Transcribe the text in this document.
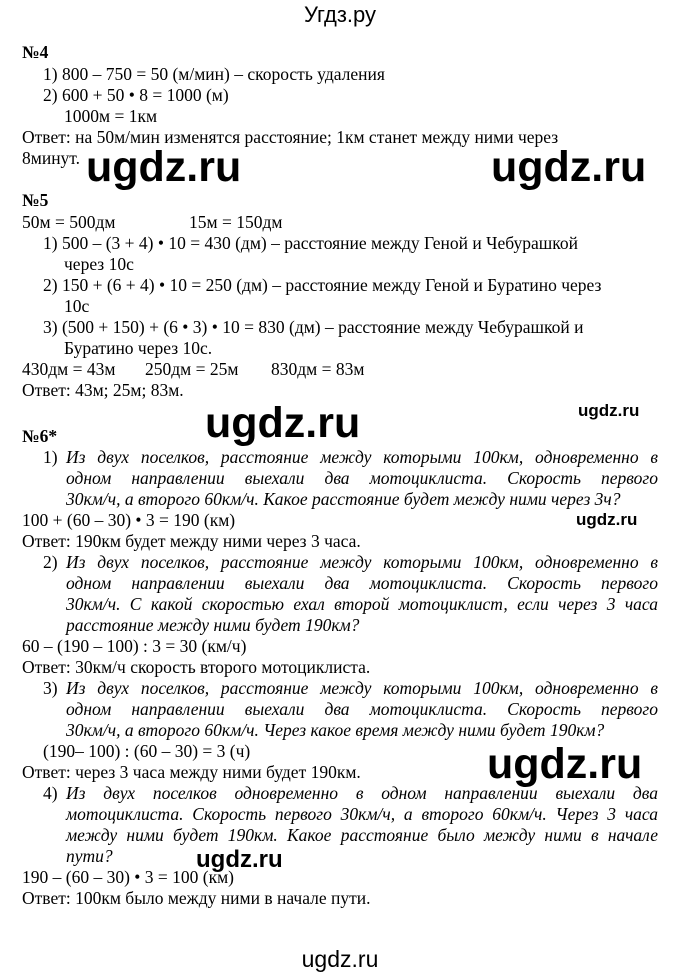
Угдз.ру
№4
1) 800 – 750 = 50 (м/мин) – скорость удаления
2) 600 + 50 • 8 = 1000 (м)
1000м = 1км
Ответ: на 50м/мин изменятся расстояние; 1км станет между ними через
8минут. ugdz.ru	ugdz.ru
№5
50м = 500дм	15м = 150дм
1) 500 – (3 + 4) • 10 = 430 (дм) – расстояние между Геной и Чебурашкой
через 10с
2) 150 + (6 + 4) • 10 = 250 (дм) – расстояние между Геной и Буратино через
10с
3) (500 + 150) + (6 • 3) • 10 = 830 (дм) – расстояние между Чебурашкой и
Буратино через 10с.
430дм = 43м 250дм = 25м 830дм = 83м
Ответ: 43м; 25м; 83м.
ugdz.ru	ugdz.ru
№6*
1) Из двух поселков, расстояние между которыми 100км, одновременно в
одном направлении выехали два мотоциклиста. Скорость первого
30км/ч, а второго 60км/ч. Какое расстояние будет между ними через 3ч?
100 + (60 – 30) • 3 = 190 (км)	ugdz.ru
Ответ: 190км будет между ними через 3 часа.
2) Из двух поселков, расстояние между которыми 100км, одновременно в
одном направлении выехали два мотоциклиста. Скорость первого
30км/ч. С какой скоростью ехал второй мотоциклист, если через 3 часа
расстояние между ними будет 190км?
60 – (190 – 100) : 3 = 30 (км/ч)
Ответ: 30км/ч скорость второго мотоциклиста.
3) Из двух поселков, расстояние между которыми 100км, одновременно в
одном направлении выехали два мотоциклиста. Скорость первого
30км/ч, а второго 60км/ч. Через какое время между ними будет 190км?
(190– 100) : (60 – 30) = 3 (ч)
Ответ: через 3 часа между ними будет 190км.	ugdz.ru
4) Из двух поселков одновременно в одном направлении выехали два
мотоциклиста. Скорость первого 30км/ч, а второго 60км/ч. Через 3 часа
между ними будет 190км. Какое расстояние было между ними в начале
пути?	ugdz.ru
190 – (60 – 30) • 3 = 100 (км)
Ответ: 100км было между ними в начале пути.
ugdz.ru
